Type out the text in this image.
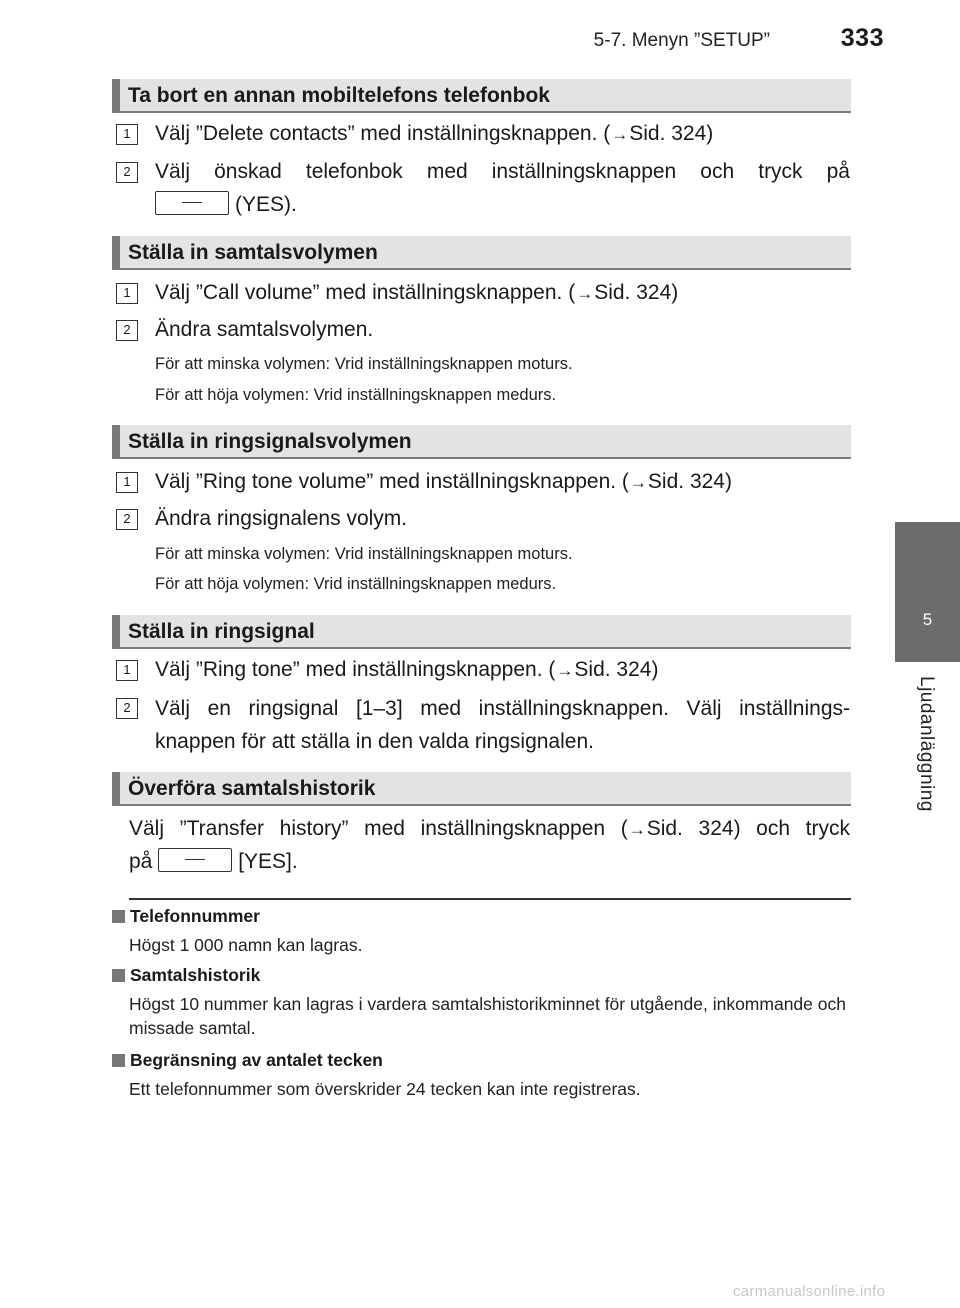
5-7. Menyn ”SETUP”	333
5
Ljudanläggning
Ta bort en annan mobiltelefons telefonbok
1	Välj ”Delete contacts” med inställningsknappen. (→Sid. 324)
2	Välj önskad telefonbok med inställningsknappen och tryck på
(YES).
Ställa in samtalsvolymen
1	Välj ”Call volume” med inställningsknappen. (→Sid. 324)
2	Ändra samtalsvolymen.
För att minska volymen: Vrid inställningsknappen moturs.
För att höja volymen: Vrid inställningsknappen medurs.
Ställa in ringsignalsvolymen
1	Välj ”Ring tone volume” med inställningsknappen. (→Sid. 324)
2	Ändra ringsignalens volym.
För att minska volymen: Vrid inställningsknappen moturs.
För att höja volymen: Vrid inställningsknappen medurs.
Ställa in ringsignal
1	Välj ”Ring tone” med inställningsknappen. (→Sid. 324)
2	Välj en ringsignal [1–3] med inställningsknappen. Välj inställnings-
knappen för att ställa in den valda ringsignalen.
Överföra samtalshistorik
Välj ”Transfer history” med inställningsknappen (→Sid. 324) och tryck
på	[YES].
Telefonnummer
Högst 1 000 namn kan lagras.
Samtalshistorik
Högst 10 nummer kan lagras i vardera samtalshistorikminnet för utgående, inkommande och missade samtal.
Begränsning av antalet tecken
Ett telefonnummer som överskrider 24 tecken kan inte registreras.
carmanualsonline.info
